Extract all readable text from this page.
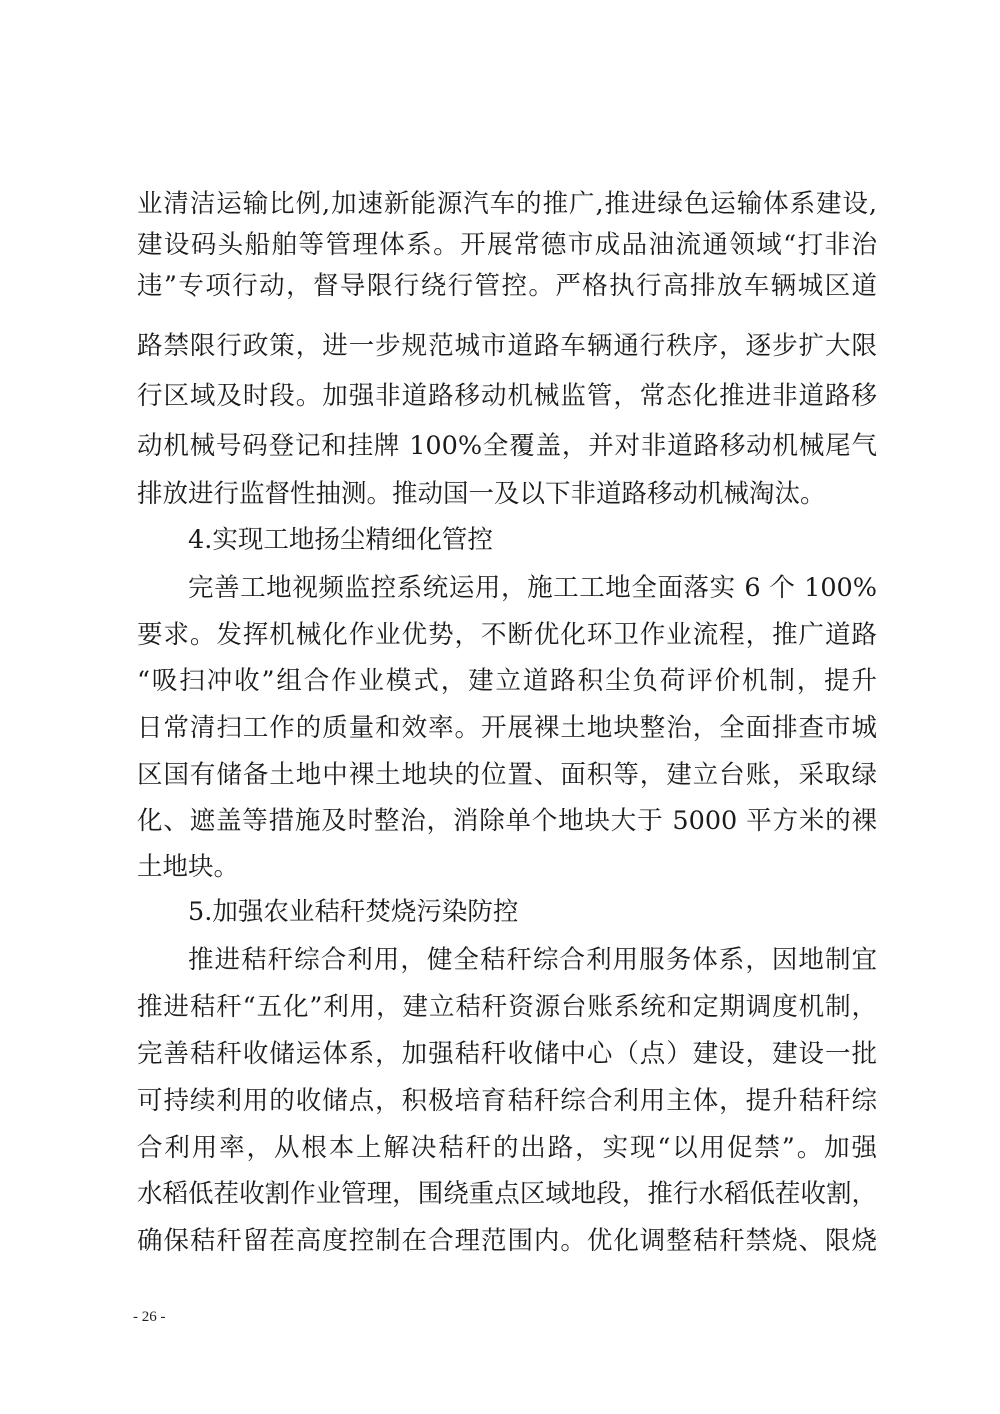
业清洁运输比例,加速新能源汽车的推广,推进绿色运输体系建设,
建设码头船舶等管理体系。开展常德市成品油流通领域“打非治
违”专项行动，督导限行绕行管控。严格执行高排放车辆城区道
路禁限行政策，进一步规范城市道路车辆通行秩序，逐步扩大限
行区域及时段。加强非道路移动机械监管，常态化推进非道路移
动机械号码登记和挂牌 100%全覆盖，并对非道路移动机械尾气
排放进行监督性抽测。推动国一及以下非道路移动机械淘汰。
4.实现工地扬尘精细化管控
完善工地视频监控系统运用，施工工地全面落实 6 个 100%
要求。发挥机械化作业优势，不断优化环卫作业流程，推广道路
“吸扫冲收”组合作业模式，建立道路积尘负荷评价机制，提升
日常清扫工作的质量和效率。开展裸土地块整治，全面排查市城
区国有储备土地中裸土地块的位置、面积等，建立台账，采取绿
化、遮盖等措施及时整治，消除单个地块大于 5000 平方米的裸
土地块。
5.加强农业秸秆焚烧污染防控
推进秸秆综合利用，健全秸秆综合利用服务体系，因地制宜
推进秸秆“五化”利用，建立秸秆资源台账系统和定期调度机制，
完善秸秆收储运体系，加强秸秆收储中心（点）建设，建设一批
可持续利用的收储点，积极培育秸秆综合利用主体，提升秸秆综
合利用率，从根本上解决秸秆的出路，实现“以用促禁”。加强
水稻低茬收割作业管理，围绕重点区域地段，推行水稻低茬收割，
确保秸秆留茬高度控制在合理范围内。优化调整秸秆禁烧、限烧
- 26 -
